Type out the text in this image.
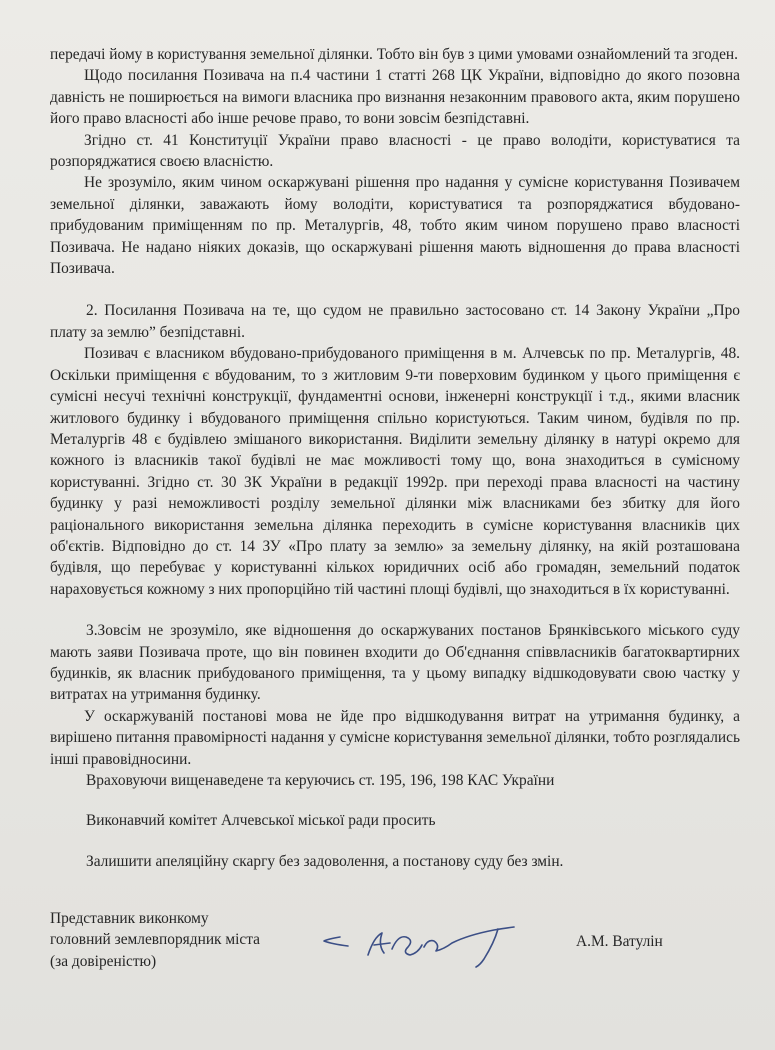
передачі йому в користування земельної ділянки. Тобто він був з цими умовами ознайомлений та згоден.

Щодо посилання Позивача на п.4 частини 1 статті 268 ЦК України, відповідно до якого позовна давність не поширюється на вимоги власника про визнання незаконним правового акта, яким порушено його право власності або інше речове право, то вони зовсім безпідставні.

Згідно ст. 41 Конституції України право власності - це право володіти, користуватися та розпоряджатися своєю власністю.

Не зрозуміло, яким чином оскаржувані рішення про надання у сумісне користування Позивачем земельної ділянки, заважають йому володіти, користуватися та розпоряджатися вбудовано-прибудованим приміщенням по пр. Металургів, 48, тобто яким чином порушено право власності Позивача. Не надано ніяких доказів, що оскаржувані рішення мають відношення до права власності Позивача.

2. Посилання Позивача на те, що судом не правильно застосовано ст. 14 Закону України „Про плату за землю” безпідставні.

Позивач є власником вбудовано-прибудованого приміщення в м. Алчевськ по пр. Металургів, 48. Оскільки приміщення є вбудованим, то з житловим 9-ти поверховим будинком у цього приміщення є сумісні несучі технічні конструкції, фундаментні основи, інженерні конструкції і т.д., якими власник житлового будинку і вбудованого приміщення спільно користуються. Таким чином, будівля по пр. Металургів 48 є будівлею змішаного використання. Виділити земельну ділянку в натурі окремо для кожного із власників такої будівлі не має можливості тому що, вона знаходиться в сумісному користуванні. Згідно ст. 30 ЗК України в редакції 1992р. при переході права власності на частину будинку у разі неможливості розділу земельної ділянки між власниками без збитку для його раціонального використання земельна ділянка переходить в сумісне користування власників цих об'єктів. Відповідно до ст. 14 ЗУ «Про плату за землю» за земельну ділянку, на якій розташована будівля, що перебуває у користуванні кількох юридичних осіб або громадян, земельний податок нараховується кожному з них пропорційно тій частині площі будівлі, що знаходиться в їх користуванні.

3.Зовсім не зрозуміло, яке відношення до оскаржуваних постанов Брянківського міського суду мають заяви Позивача проте, що він повинен входити до Об'єднання співвласників багатоквартирних будинків, як власник прибудованого приміщення, та у цьому випадку відшкодовувати свою частку у витратах на утримання будинку.

У оскаржуваній постанові мова не йде про відшкодування витрат на утримання будинку, а вирішено питання правомірності надання у сумісне користування земельної ділянки, тобто розглядались інші правовідносини.

Враховуючи вищенаведене та керуючись ст. 195, 196, 198 КАС України

Виконавчий комітет Алчевської міської ради просить

Залишити апеляційну скаргу без задоволення, а постанову суду без змін.

Представник виконкому
головний землевпорядник міста
(за довіреністю)
А.М. Ватулін
